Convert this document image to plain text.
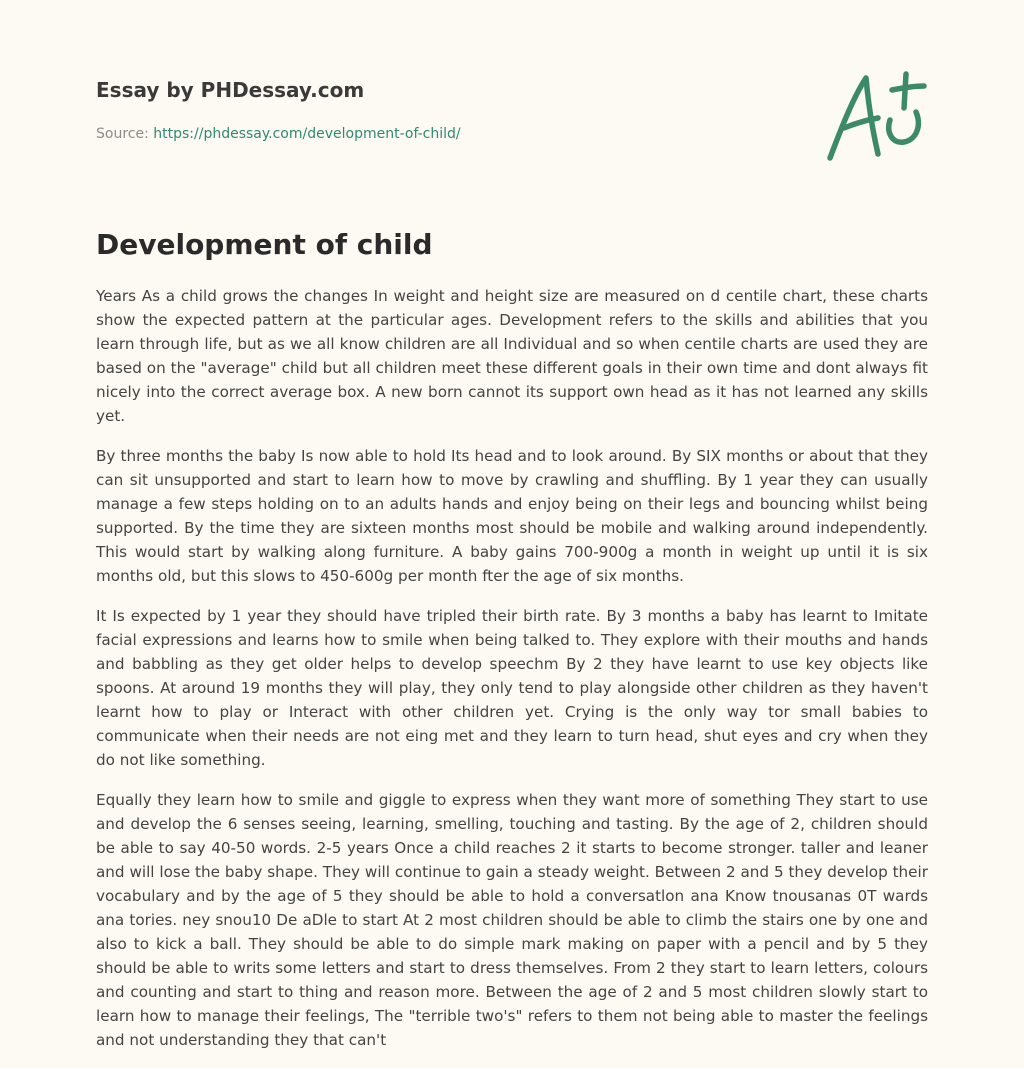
Essay by PHDessay.com
Source: https://phdessay.com/development-of-child/
Development of child

Years As a child grows the changes In weight and height size are measured on d centile chart, these charts show the expected pattern at the particular ages. Development refers to the skills and abilities that you learn through life, but as we all know children are all Individual and so when centile charts are used they are based on the "average" child but all children meet these different goals in their own time and dont always fit nicely into the correct average box. A new born cannot its support own head as it has not learned any skills yet.

By three months the baby Is now able to hold Its head and to look around. By SIX months or about that they can sit unsupported and start to learn how to move by crawling and shuffling. By 1 year they can usually manage a few steps holding on to an adults hands and enjoy being on their legs and bouncing whilst being supported. By the time they are sixteen months most should be mobile and walking around independently. This would start by walking along furniture. A baby gains 700-900g a month in weight up until it is six months old, but this slows to 450-600g per month fter the age of six months.

It Is expected by 1 year they should have tripled their birth rate. By 3 months a baby has learnt to Imitate facial expressions and learns how to smile when being talked to. They explore with their mouths and hands and babbling as they get older helps to develop speechm By 2 they have learnt to use key objects like spoons. At around 19 months they will play, they only tend to play alongside other children as they haven't learnt how to play or Interact with other children yet. Crying is the only way tor small babies to communicate when their needs are not eing met and they learn to turn head, shut eyes and cry when they do not like something.

Equally they learn how to smile and giggle to express when they want more of something They start to use and develop the 6 senses seeing, learning, smelling, touching and tasting. By the age of 2, children should be able to say 40-50 words. 2-5 years Once a child reaches 2 it starts to become stronger. taller and leaner and will lose the baby shape. They will continue to gain a steady weight. Between 2 and 5 they develop their vocabulary and by the age of 5 they should be able to hold a conversatlon ana Know tnousanas 0T wards ana tories. ney snou10 De aDle to start At 2 most children should be able to climb the stairs one by one and also to kick a ball. They should be able to do simple mark making on paper with a pencil and by 5 they should be able to writs some letters and start to dress themselves. From 2 they start to learn letters, colours and counting and start to thing and reason more. Between the age of 2 and 5 most children slowly start to learn how to manage their feelings, The "terrible two's" refers to them not being able to master the feelings and not understanding they that can't
